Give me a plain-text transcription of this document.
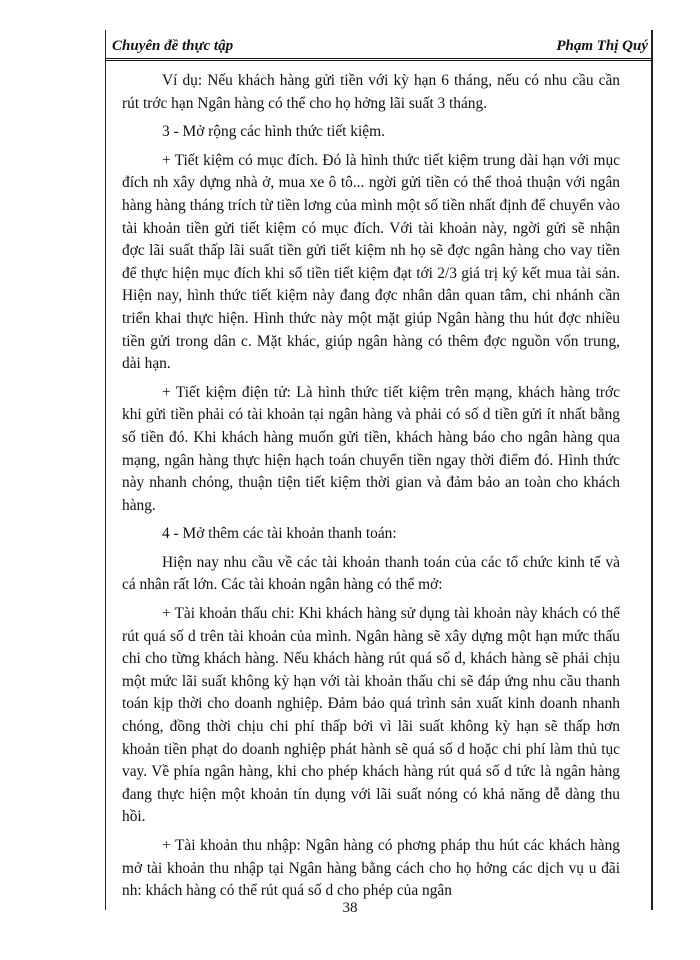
Chuyên đề thực tập	Phạm Thị Quý

Ví dụ: Nếu khách hàng gửi tiền với kỳ hạn 6 tháng, nếu có nhu cầu cần rút trớc hạn Ngân hàng có thể cho họ hởng lãi suất 3 tháng.

3 - Mở rộng các hình thức tiết kiệm.

+ Tiết kiệm có mục đích. Đó là hình thức tiết kiệm trung dài hạn với mục đích nh xây dựng nhà ở, mua xe ô tô... ngời gửi tiền có thể thoả thuận với ngân hàng hàng tháng trích từ tiền lơng của mình một số tiền nhất định để chuyển vào tài khoản tiền gửi tiết kiệm có mục đích. Với tài khoản này, ngời gửi sẽ nhận đợc lãi suất thấp lãi suất tiền gửi tiết kiệm nh họ sẽ đợc ngân hàng cho vay tiền để thực hiện mục đích khi số tiền tiết kiệm đạt tới 2/3 giá trị ký kết mua tài sản. Hiện nay, hình thức tiết kiệm này đang đợc nhân dân quan tâm, chi nhánh cần triển khai thực hiện. Hình thức này một mặt giúp Ngân hàng thu hút đợc nhiều tiền gửi trong dân c. Mặt khác, giúp ngân hàng có thêm đợc nguồn vốn trung, dài hạn.

+ Tiết kiệm điện tử: Là hình thức tiết kiệm trên mạng, khách hàng trớc khi gửi tiền phải có tài khoản tại ngân hàng và phải có số d tiền gửi ít nhất bằng số tiền đó. Khi khách hàng muốn gửi tiền, khách hàng báo cho ngân hàng qua mạng, ngân hàng thực hiện hạch toán chuyển tiền ngay thời điểm đó. Hình thức này nhanh chóng, thuận tiện tiết kiệm thời gian và đảm bảo an toàn cho khách hàng.

4 - Mở thêm các tài khoản thanh toán:

Hiện nay nhu cầu về các tài khoản thanh toán của các tổ chức kinh tế và cá nhân rất lớn. Các tài khoản ngân hàng có thể mở:

+ Tài khoản thấu chi: Khi khách hàng sử dụng tài khoản này khách có thể rút quá số d trên tài khoản của mình. Ngân hàng sẽ xây dựng một hạn mức thấu chi cho từng khách hàng. Nếu khách hàng rút quá số d, khách hàng sẽ phải chịu một mức lãi suất không kỳ hạn với tài khoản thấu chi sẽ đáp ứng nhu cầu thanh toán kịp thời cho doanh nghiệp. Đảm bảo quá trình sản xuất kinh doanh nhanh chóng, đồng thời chịu chi phí thấp bởi vì lãi suất không kỳ hạn sẽ thấp hơn khoản tiền phạt do doanh nghiệp phát hành sẽ quá số d hoặc chi phí làm thủ tục vay. Về phía ngân hàng, khi cho phép khách hàng rút quá số d tức là ngân hàng đang thực hiện một khoản tín dụng với lãi suất nóng có khả năng dễ dàng thu hồi.

+ Tài khoản thu nhập: Ngân hàng có phơng pháp thu hút các khách hàng mở tài khoản thu nhập tại Ngân hàng bằng cách cho họ hởng các dịch vụ u đãi nh: khách hàng có thể rút quá số d cho phép của ngân

38
